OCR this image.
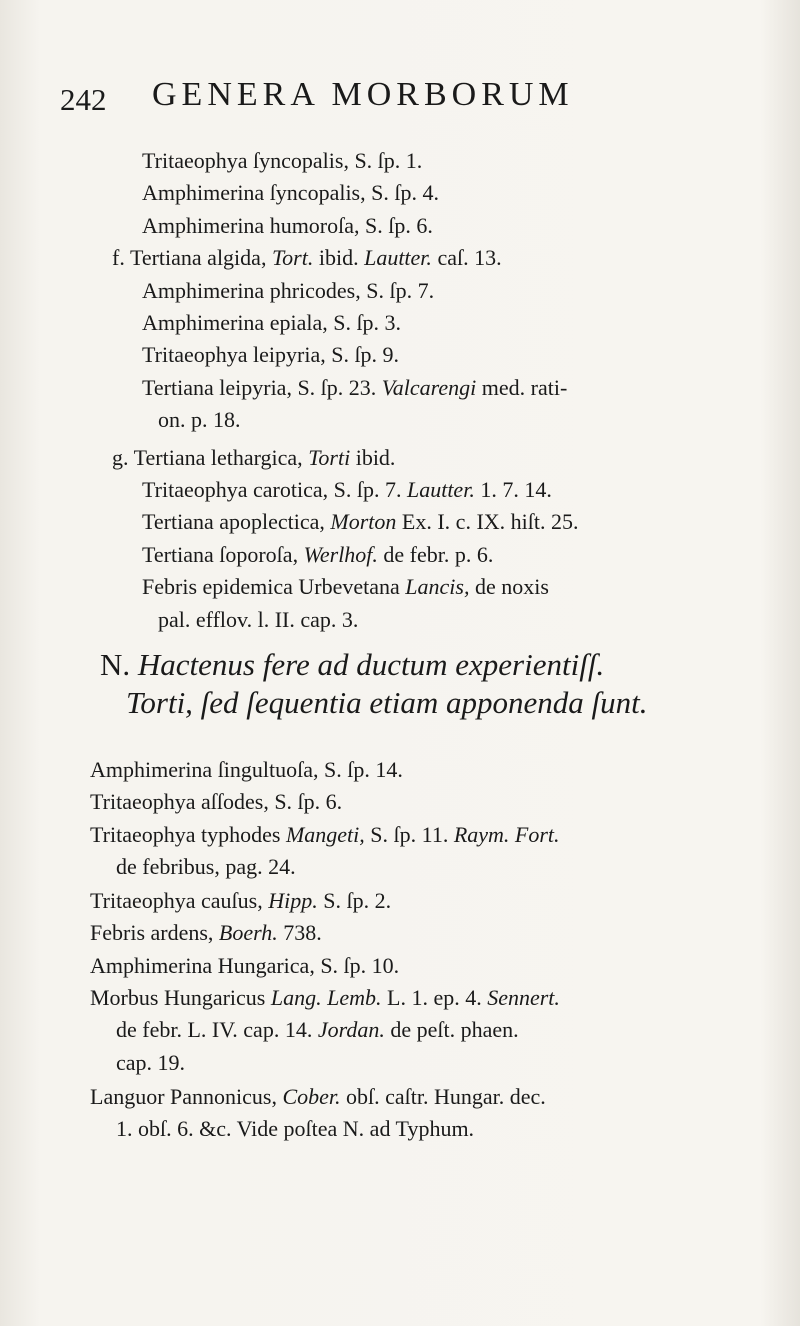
242 GENERA MORBORUM
Tritaeophya ſyncopalis, S. ſp. 1.
Amphimerina ſyncopalis, S. ſp. 4.
Amphimerina humoroſa, S. ſp. 6.
f. Tertiana algida, Tort. ibid. Lautter. caſ. 13.
Amphimerina phricodes, S. ſp. 7.
Amphimerina epiala, S. ſp. 3.
Tritaeophya leipyria, S. ſp. 9.
Tertiana leipyria, S. ſp. 23. Valcarengi med. rati-
on. p. 18.
g. Tertiana lethargica, Torti ibid.
Tritaeophya carotica, S. ſp. 7. Lautter. 1. 7. 14.
Tertiana apoplectica, Morton Ex. I. c. IX. hiſt. 25.
Tertiana ſoporoſa, Werlhof. de febr. p. 6.
Febris epidemica Urbevetana Lancis, de noxis
pal. efflov. l. II. cap. 3.
N. Hactenus fere ad ductum experientiſſ.
Torti, ſed ſequentia etiam apponenda ſunt.
Amphimerina ſingultuoſa, S. ſp. 14.
Tritaeophya aſſodes, S. ſp. 6.
Tritaeophya typhodes Mangeti, S. ſp. 11. Raym. Fort.
de febribus, pag. 24.
Tritaeophya cauſus, Hipp. S. ſp. 2.
Febris ardens, Boerh. 738.
Amphimerina Hungarica, S. ſp. 10.
Morbus Hungaricus Lang. Lemb. L. 1. ep. 4. Sennert.
de febr. L. IV. cap. 14. Jordan. de peſt. phaen.
cap. 19.
Languor Pannonicus, Cober. obſ. caſtr. Hungar. dec.
1. obſ. 6. &c. Vide poſtea N. ad Typhum.
